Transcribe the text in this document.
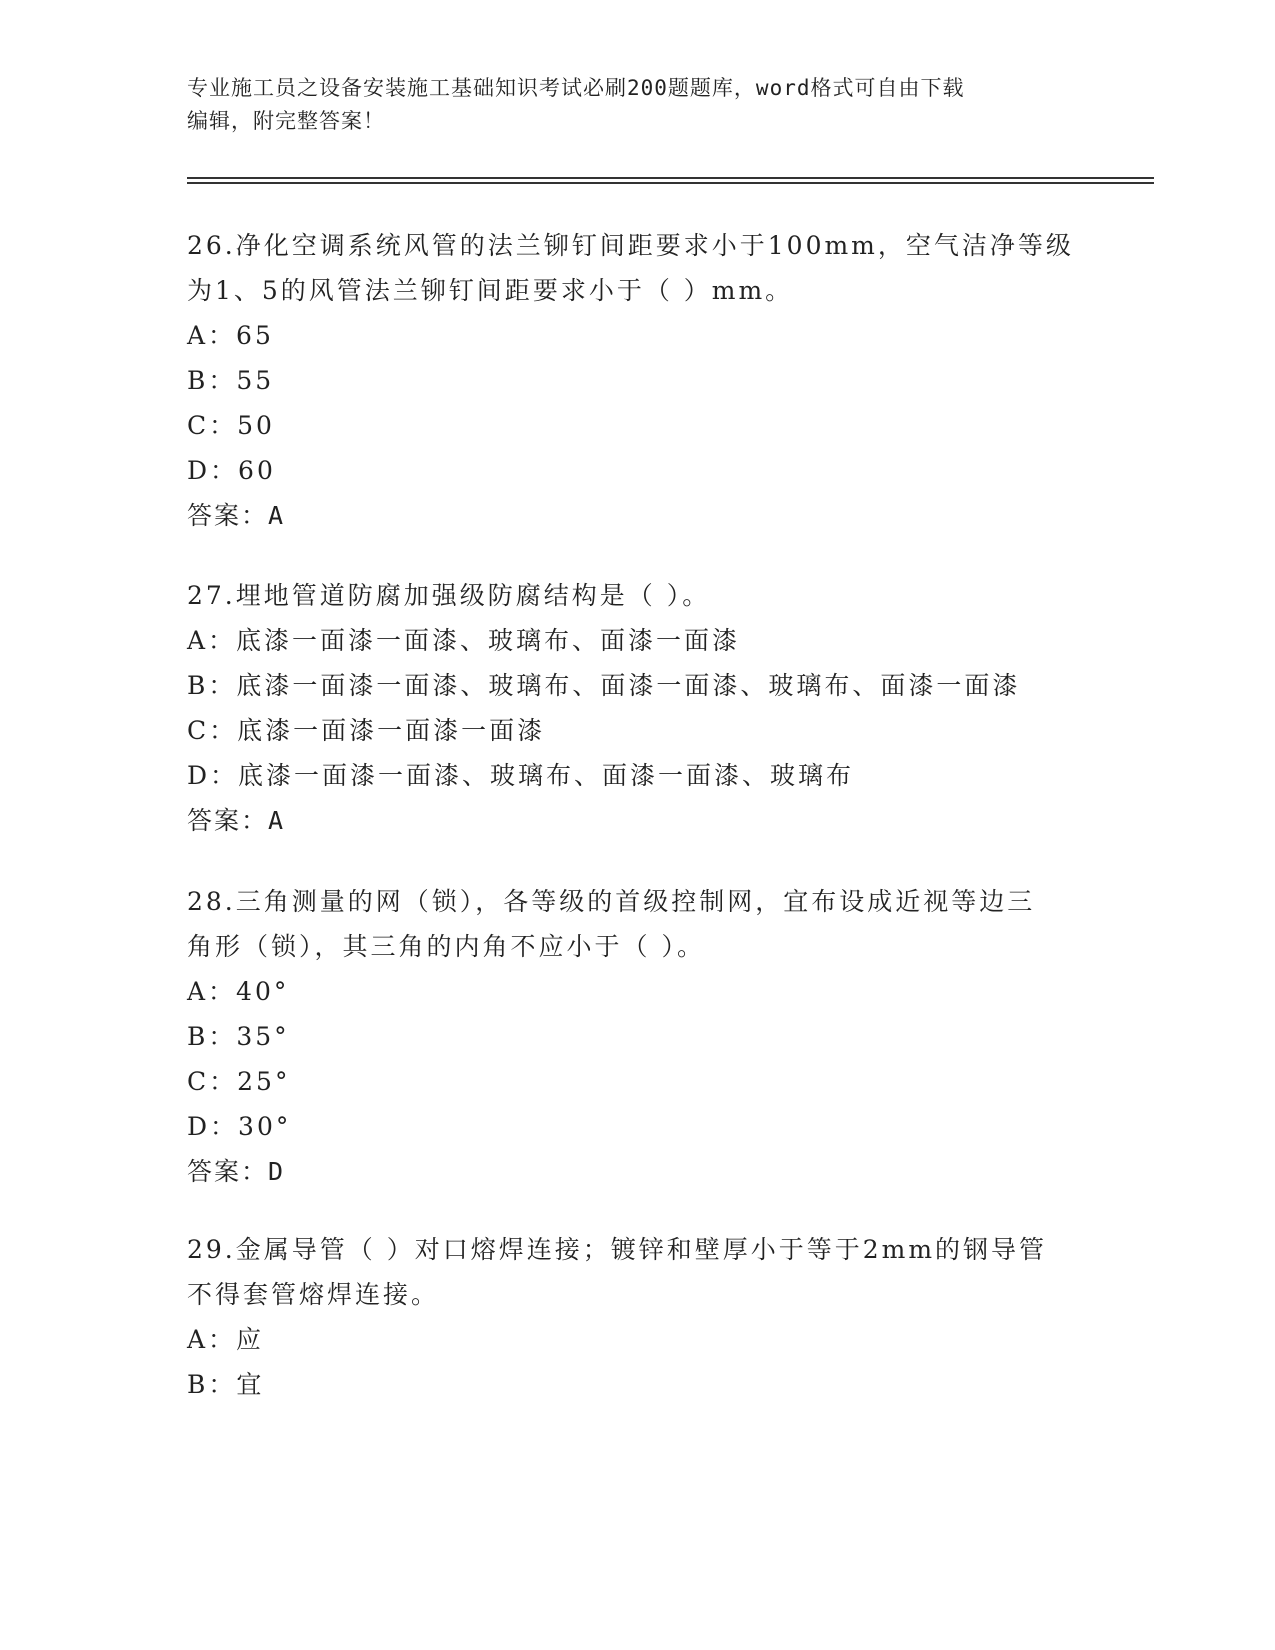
专业施工员之设备安装施工基础知识考试必刷200题题库，word格式可自由下载
编辑，附完整答案！

26.净化空调系统风管的法兰铆钉间距要求小于100mm，空气洁净等级

为1、5的风管法兰铆钉间距要求小于（ ）mm。

A：65

B：55

C：50

D：60

答案：A

27.埋地管道防腐加强级防腐结构是（ ）。

A：底漆一面漆一面漆、玻璃布、面漆一面漆

B：底漆一面漆一面漆、玻璃布、面漆一面漆、玻璃布、面漆一面漆

C：底漆一面漆一面漆一面漆

D：底漆一面漆一面漆、玻璃布、面漆一面漆、玻璃布

答案：A

28.三角测量的网（锁），各等级的首级控制网，宜布设成近视等边三

角形（锁），其三角的内角不应小于（ ）。

A：40°

B：35°

C：25°

D：30°

答案：D

29.金属导管（ ）对口熔焊连接；镀锌和壁厚小于等于2mm的钢导管

不得套管熔焊连接。

A：应

B：宜
